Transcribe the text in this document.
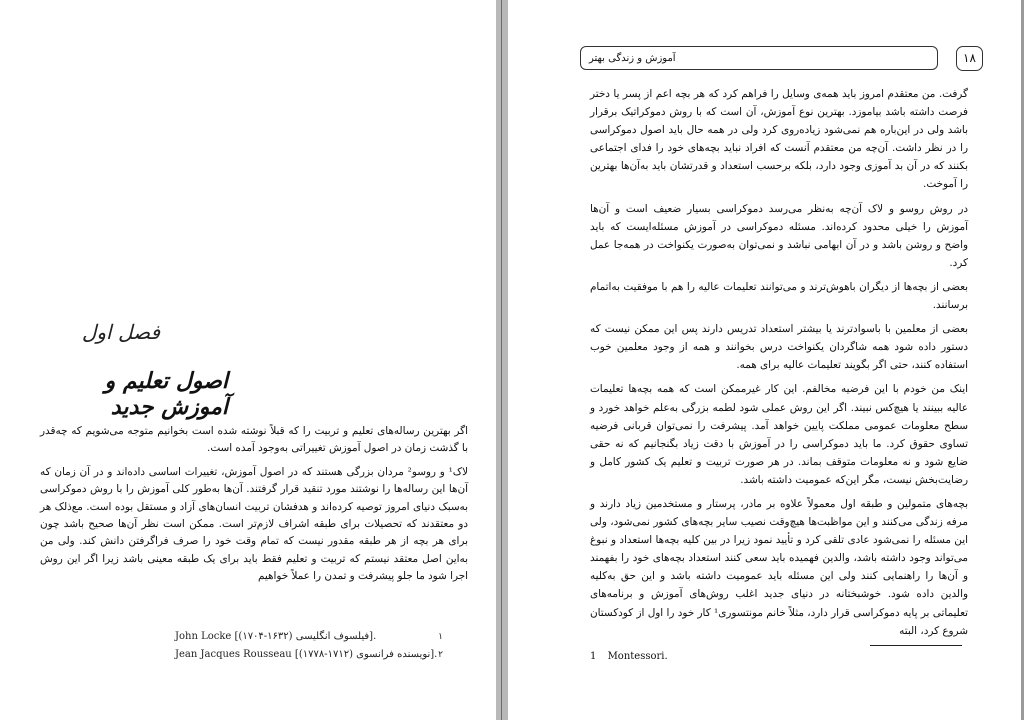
فصل اول
اصول تعلیم و آموزش جدید

اگر بهترین رساله‌های تعلیم و تربیت را که قبلاً نوشته شده است بخوانیم متوجه می‌شویم که چه‌قدر با گذشت زمان در اصول آموزش تغییراتی به‌وجود آمده است.

لاک¹ و روسو² مردان بزرگی هستند که در اصول آموزش، تغییرات اساسی داده‌اند و در آن زمان که آن‌ها این رساله‌ها را نوشتند مورد تنقید قرار گرفتند. آن‌ها به‌طور کلی آموزش را با روش دموکراسی به‌سبک دنیای امروز توصیه کرده‌اند و هدفشان تربیت انسان‌های آزاد و مستقل بوده است. مع‌ذلک هر دو معتقدند که تحصیلات برای طبقه اشراف لازم‌تر است. ممکن است نظر آن‌ها صحیح باشد چون برای هر بچه از هر طبقه مقدور نیست که تمام وقت خود را صرف فراگرفتن دانش کند. ولی من به‌این اصل معتقد نیستم که تربیت و تعلیم فقط باید برای یک طبقه معینی باشد زیرا اگر این روش اجرا شود ما جلو پیشرفت و تمدن را عملاً خواهیم

John Locke [(۱۷۰۴-۱۶۳۲) فیلسوف انگلیسی].	۱
Jean Jacques Rousseau [(۱۷۷۸-۱۷۱۲) نویسنده فرانسوی]. ۲
آموزش و زندگی بهتر	۱۸

گرفت. من معتقدم امروز باید همه‌ی وسایل را فراهم کرد که هر بچه اعم از پسر یا دختر فرصت داشته باشد بیاموزد. بهترین نوع آموزش، آن است که با روش دموکراتیک برقرار باشد ولی در این‌باره هم نمی‌شود زیاده‌روی کرد ولی در همه حال باید اصول دموکراسی را در نظر داشت. آن‌چه من معتقدم آنست که افراد نباید بچه‌های خود را فدای اجتماعی بکنند که در آن بد آموزی وجود دارد، بلکه برحسب استعداد و قدرتشان باید به‌آن‌ها بهترین را آموخت.

در روش روسو و لاک آن‌چه به‌نظر می‌رسد دموکراسی بسیار ضعیف است و آن‌ها آموزش را خیلی محدود کرده‌اند. مسئله دموکراسی در آموزش مسئله‌ایست که باید واضح و روشن باشد و در آن ابهامی نباشد و نمی‌توان به‌صورت یکنواخت در همه‌جا عمل کرد.

بعضی از بچه‌ها از دیگران باهوش‌ترند و می‌توانند تعلیمات عالیه را هم با موفقیت به‌اتمام برسانند.

بعضی از معلمین با باسوادترند یا بیشتر استعداد تدریس دارند پس این ممکن نیست که دستور داده شود همه شاگردان یکنواخت درس بخوانند و همه از وجود معلمین خوب استفاده کنند، حتی اگر بگویند تعلیمات عالیه برای همه.

اینک من خودم با این فرضیه مخالفم. این کار غیرممکن است که همه بچه‌ها تعلیمات عالیه ببینند یا هیچ‌کس نبیند. اگر این روش عملی شود لطمه بزرگی به‌علم خواهد خورد و سطح معلومات عمومی مملکت پایین خواهد آمد. پیشرفت را نمی‌توان قربانی فرضیه تساوی حقوق کرد. ما باید دموکراسی را در آموزش با دقت زیاد بگنجانیم که نه حقی ضایع شود و نه معلومات متوقف بماند. در هر صورت تربیت و تعلیم یک کشور کامل و رضایت‌بخش نیست، مگر این‌که عمومیت داشته باشد.

بچه‌های متمولین و طبقه اول معمولاً علاوه بر مادر، پرستار و مستخدمین زیاد دارند و مرفه زندگی می‌کنند و این مواظبت‌ها هیچ‌وقت نصیب سایر بچه‌های کشور نمی‌شود، ولی این مسئله را نمی‌شود عادی تلقی کرد و تأیید نمود زیرا در بین کلیه بچه‌ها استعداد و نبوغ می‌تواند وجود داشته باشد، والدین فهمیده باید سعی کنند استعداد بچه‌های خود را بفهمند و آن‌ها را راهنمایی کنند ولی این مسئله باید عمومیت داشته باشد و این حق به‌کلیه والدین داده شود. خوشبختانه در دنیای جدید اغلب روش‌های آموزش و برنامه‌های تعلیماتی بر پایه دموکراسی قرار دارد، مثلاً خانم مونتسوری¹ کار خود را اول از کودکستان شروع کرد، البته

1 Montessori.
